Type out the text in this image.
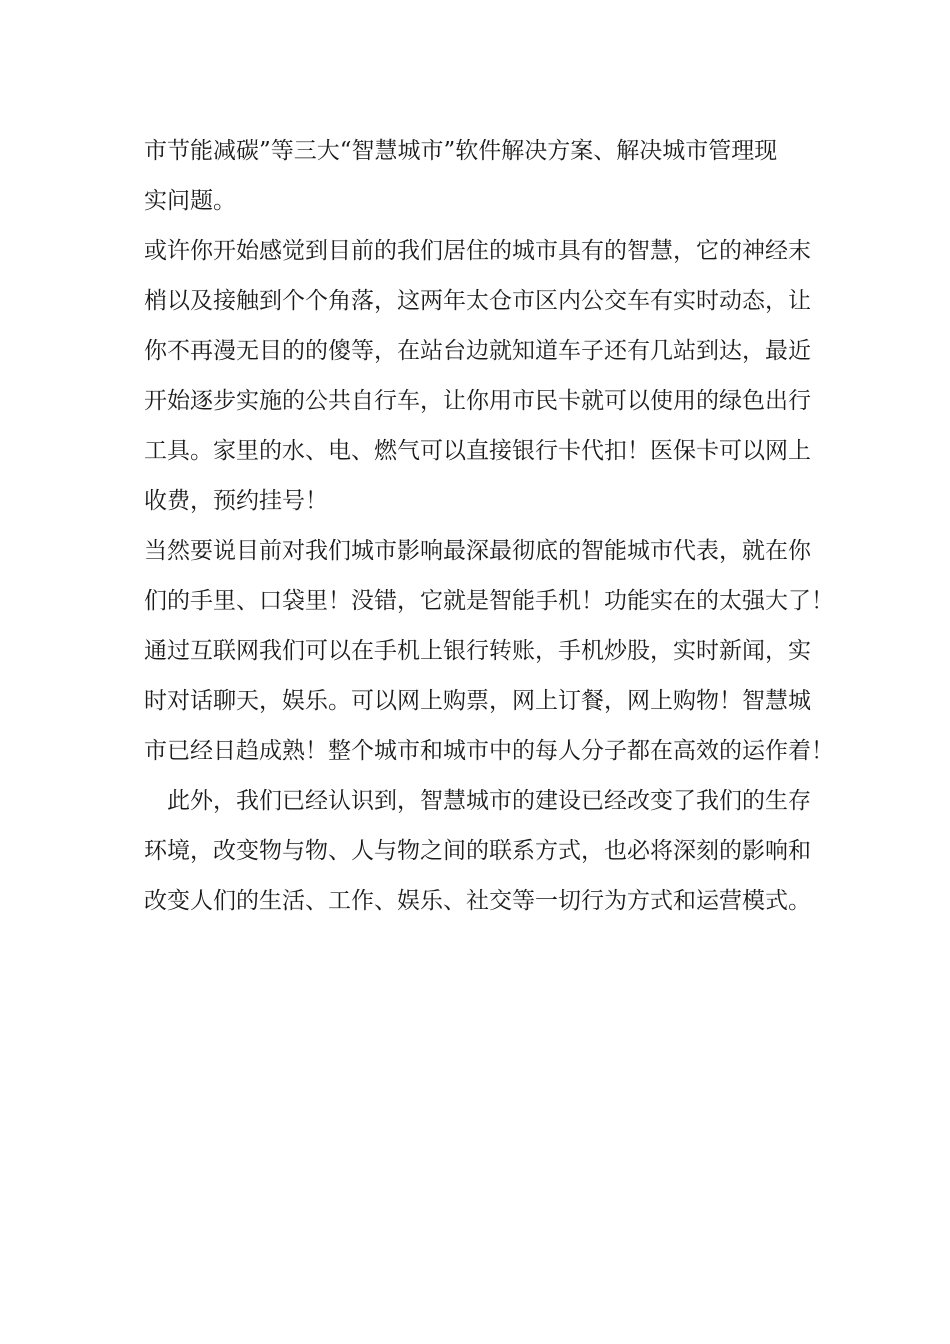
市节能减碳”等三大“智慧城市”软件解决方案、解决城市管理现
实问题。
或许你开始感觉到目前的我们居住的城市具有的智慧，它的神经末
梢以及接触到个个角落，这两年太仓市区内公交车有实时动态，让
你不再漫无目的的傻等，在站台边就知道车子还有几站到达，最近
开始逐步实施的公共自行车，让你用市民卡就可以使用的绿色出行
工具。家里的水、电、燃气可以直接银行卡代扣！医保卡可以网上
收费，预约挂号！
当然要说目前对我们城市影响最深最彻底的智能城市代表，就在你
们的手里、口袋里！没错，它就是智能手机！功能实在的太强大了！
通过互联网我们可以在手机上银行转账，手机炒股，实时新闻，实
时对话聊天，娱乐。可以网上购票，网上订餐，网上购物！智慧城
市已经日趋成熟！整个城市和城市中的每人分子都在高效的运作着！
　此外，我们已经认识到，智慧城市的建设已经改变了我们的生存
环境，改变物与物、人与物之间的联系方式，也必将深刻的影响和
改变人们的生活、工作、娱乐、社交等一切行为方式和运营模式。
